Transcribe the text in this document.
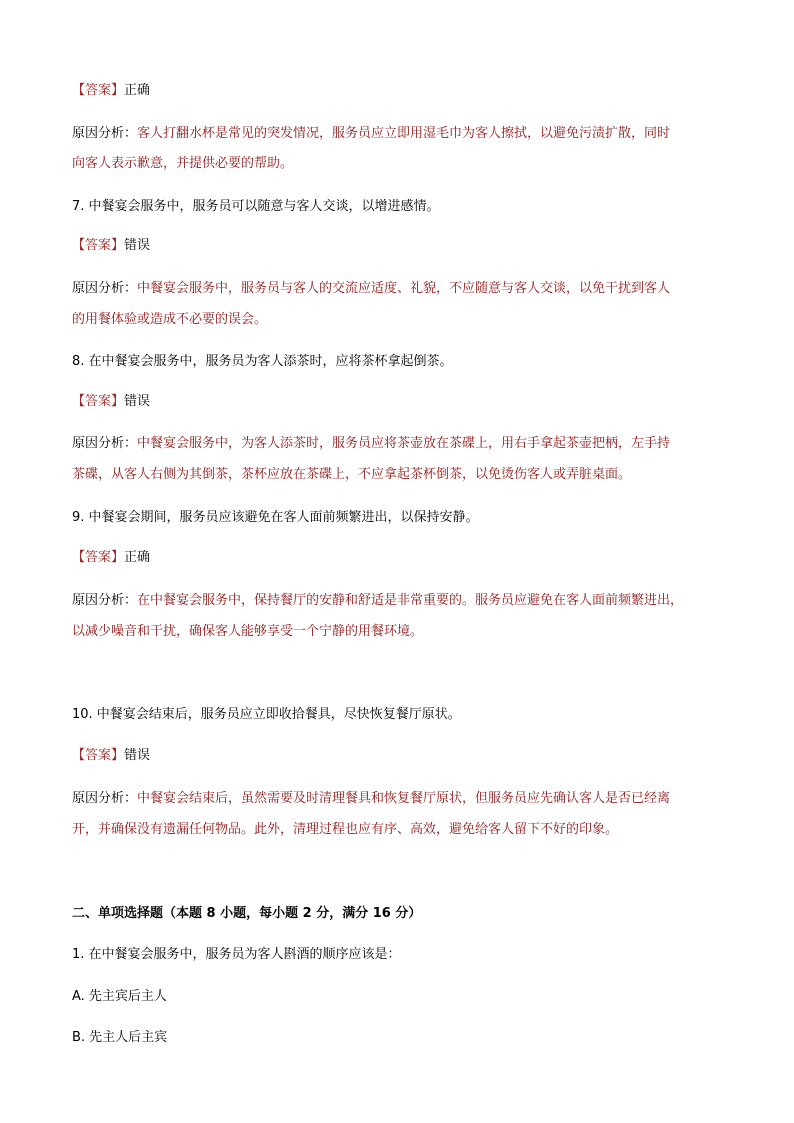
【答案】正确
原因分析：客人打翻水杯是常见的突发情况，服务员应立即用湿毛巾为客人擦拭，以避免污渍扩散，同时
向客人表示歉意，并提供必要的帮助。
7. 中餐宴会服务中，服务员可以随意与客人交谈，以增进感情。
【答案】错误
原因分析：中餐宴会服务中，服务员与客人的交流应适度、礼貌，不应随意与客人交谈，以免干扰到客人
的用餐体验或造成不必要的误会。
8. 在中餐宴会服务中，服务员为客人添茶时，应将茶杯拿起倒茶。
【答案】错误
原因分析：中餐宴会服务中，为客人添茶时，服务员应将茶壶放在茶碟上，用右手拿起茶壶把柄，左手持
茶碟，从客人右侧为其倒茶，茶杯应放在茶碟上，不应拿起茶杯倒茶，以免烫伤客人或弄脏桌面。
9. 中餐宴会期间，服务员应该避免在客人面前频繁进出，以保持安静。
【答案】正确
原因分析：在中餐宴会服务中，保持餐厅的安静和舒适是非常重要的。服务员应避免在客人面前频繁进出，
以减少噪音和干扰，确保客人能够享受一个宁静的用餐环境。
10. 中餐宴会结束后，服务员应立即收拾餐具，尽快恢复餐厅原状。
【答案】错误
原因分析：中餐宴会结束后，虽然需要及时清理餐具和恢复餐厅原状，但服务员应先确认客人是否已经离
开，并确保没有遗漏任何物品。此外，清理过程也应有序、高效，避免给客人留下不好的印象。
二、单项选择题（本题 8 小题，每小题 2 分，满分 16 分）
1. 在中餐宴会服务中，服务员为客人斟酒的顺序应该是：
A. 先主宾后主人
B. 先主人后主宾
